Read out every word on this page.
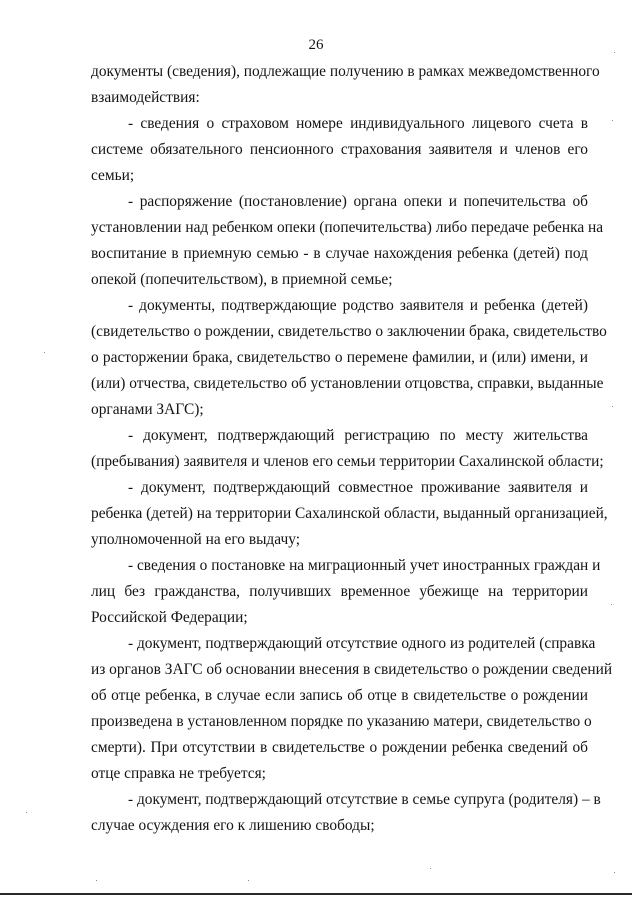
26
документы (сведения), подлежащие получению в рамках межведомственного
взаимодействия:
- сведения о страховом номере индивидуального лицевого счета в
системе обязательного пенсионного страхования заявителя и членов его
семьи;
- распоряжение (постановление) органа опеки и попечительства об
установлении над ребенком опеки (попечительства) либо передаче ребенка на
воспитание в приемную семью - в случае нахождения ребенка (детей) под
опекой (попечительством), в приемной семье;
- документы, подтверждающие родство заявителя и ребенка (детей)
(свидетельство о рождении, свидетельство о заключении брака, свидетельство
о расторжении брака, свидетельство о перемене фамилии, и (или) имени, и
(или) отчества, свидетельство об установлении отцовства, справки, выданные
органами ЗАГС);
- документ, подтверждающий регистрацию по месту жительства
(пребывания) заявителя и членов его семьи территории Сахалинской области;
- документ, подтверждающий совместное проживание заявителя и
ребенка (детей) на территории Сахалинской области, выданный организацией,
уполномоченной на его выдачу;
- сведения о постановке на миграционный учет иностранных граждан и
лиц без гражданства, получивших временное убежище на территории
Российской Федерации;
- документ, подтверждающий отсутствие одного из родителей (справка
из органов ЗАГС об основании внесения в свидетельство о рождении сведений
об отце ребенка, в случае если запись об отце в свидетельстве о рождении
произведена в установленном порядке по указанию матери, свидетельство о
смерти). При отсутствии в свидетельстве о рождении ребенка сведений об
отце справка не требуется;
- документ, подтверждающий отсутствие в семье супруга (родителя) – в
случае осуждения его к лишению свободы;
